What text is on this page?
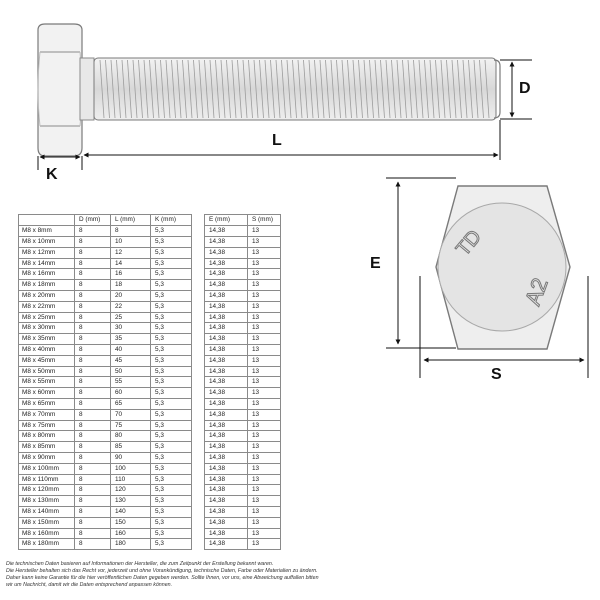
TD
A2
D
L
K
E
S
	D (mm)	L (mm)	K (mm)		E (mm)	S (mm)
M8 x 8mm	8	8	5,3		14,38	13
M8 x 10mm	8	10	5,3		14,38	13
M8 x 12mm	8	12	5,3		14,38	13
M8 x 14mm	8	14	5,3		14,38	13
M8 x 16mm	8	16	5,3		14,38	13
M8 x 18mm	8	18	5,3		14,38	13
M8 x 20mm	8	20	5,3		14,38	13
M8 x 22mm	8	22	5,3		14,38	13
M8 x 25mm	8	25	5,3		14,38	13
M8 x 30mm	8	30	5,3		14,38	13
M8 x 35mm	8	35	5,3		14,38	13
M8 x 40mm	8	40	5,3		14,38	13
M8 x 45mm	8	45	5,3		14,38	13
M8 x 50mm	8	50	5,3		14,38	13
M8 x 55mm	8	55	5,3		14,38	13
M8 x 60mm	8	60	5,3		14,38	13
M8 x 65mm	8	65	5,3		14,38	13
M8 x 70mm	8	70	5,3		14,38	13
M8 x 75mm	8	75	5,3		14,38	13
M8 x 80mm	8	80	5,3		14,38	13
M8 x 85mm	8	85	5,3		14,38	13
M8 x 90mm	8	90	5,3		14,38	13
M8 x 100mm	8	100	5,3		14,38	13
M8 x 110mm	8	110	5,3		14,38	13
M8 x 120mm	8	120	5,3		14,38	13
M8 x 130mm	8	130	5,3		14,38	13
M8 x 140mm	8	140	5,3		14,38	13
M8 x 150mm	8	150	5,3		14,38	13
M8 x 160mm	8	160	5,3		14,38	13
M8 x 180mm	8	180	5,3		14,38	13

Die technischen Daten basieren auf Informationen der Hersteller, die zum Zeitpunkt der Erstellung bekannt waren.

Die Hersteller behalten sich das Recht vor, jederzeit und ohne Vorankündigung, technische Daten, Farbe oder Materialien zu ändern.

Daher kann keine Garantie für die hier veröffentlichen Daten gegeben werden. Sollte Ihnen, vor uns, eine Abweichung auffallen bitten

wir um Nachricht, damit wir die Daten entsprechend anpassen können.
